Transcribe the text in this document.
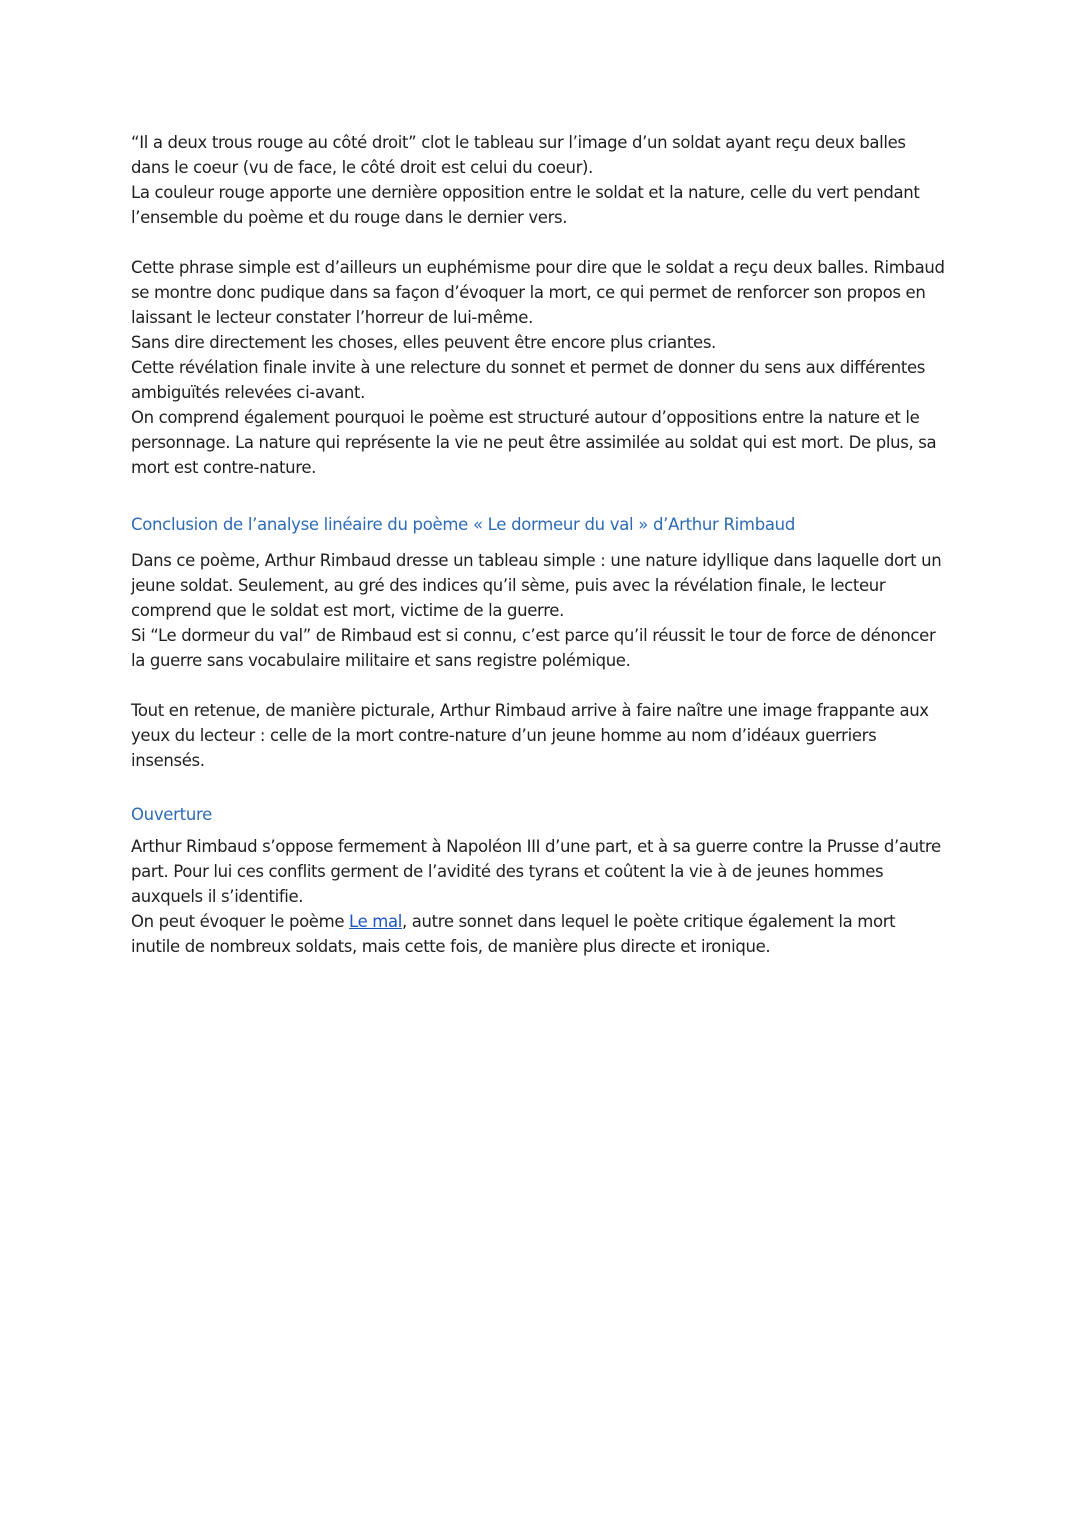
“Il a deux trous rouge au côté droit” clot le tableau sur l’image d’un soldat ayant reçu deux balles dans le coeur (vu de face, le côté droit est celui du coeur).

La couleur rouge apporte une dernière opposition entre le soldat et la nature, celle du vert pendant l’ensemble du poème et du rouge dans le dernier vers.

Cette phrase simple est d’ailleurs un euphémisme pour dire que le soldat a reçu deux balles. Rimbaud se montre donc pudique dans sa façon d’évoquer la mort, ce qui permet de renforcer son propos en laissant le lecteur constater l’horreur de lui-même.

Sans dire directement les choses, elles peuvent être encore plus criantes.

Cette révélation finale invite à une relecture du sonnet et permet de donner du sens aux différentes ambiguïtés relevées ci-avant.

On comprend également pourquoi le poème est structuré autour d’oppositions entre la nature et le personnage. La nature qui représente la vie ne peut être assimilée au soldat qui est mort. De plus, sa mort est contre-nature.

Conclusion de l’analyse linéaire du poème « Le dormeur du val » d’Arthur Rimbaud

Dans ce poème, Arthur Rimbaud dresse un tableau simple : une nature idyllique dans laquelle dort un jeune soldat. Seulement, au gré des indices qu’il sème, puis avec la révélation finale, le lecteur comprend que le soldat est mort, victime de la guerre.

Si “Le dormeur du val” de Rimbaud est si connu, c’est parce qu’il réussit le tour de force de dénoncer la guerre sans vocabulaire militaire et sans registre polémique.

Tout en retenue, de manière picturale, Arthur Rimbaud arrive à faire naître une image frappante aux yeux du lecteur : celle de la mort contre-nature d’un jeune homme au nom d’idéaux guerriers insensés.

Ouverture

Arthur Rimbaud s’oppose fermement à Napoléon III d’une part, et à sa guerre contre la Prusse d’autre part. Pour lui ces conflits germent de l’avidité des tyrans et coûtent la vie à de jeunes hommes auxquels il s’identifie.

On peut évoquer le poème Le mal, autre sonnet dans lequel le poète critique également la mort inutile de nombreux soldats, mais cette fois, de manière plus directe et ironique.
